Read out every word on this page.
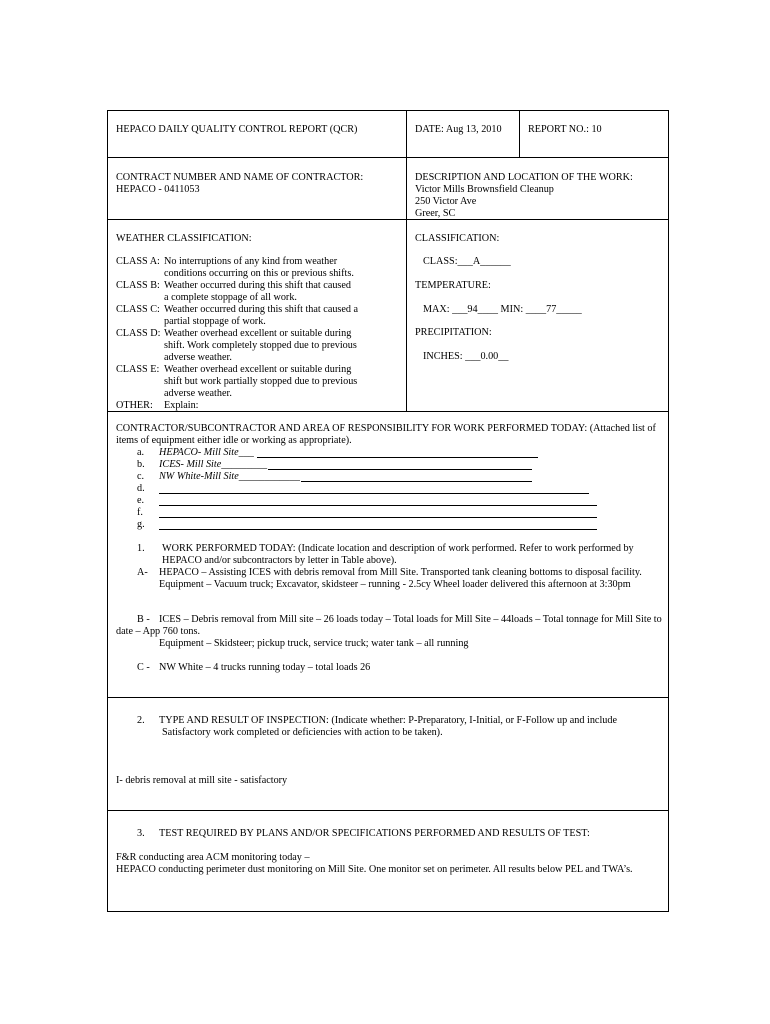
HEPACO DAILY QUALITY CONTROL REPORT (QCR)	DATE: Aug 13, 2010	REPORT NO.: 10
CONTRACT NUMBER AND NAME OF CONTRACTOR:
HEPACO - 0411053
DESCRIPTION AND LOCATION OF THE WORK:
Victor Mills Brownsfield Cleanup
250 Victor Ave
Greer, SC
WEATHER CLASSIFICATION:
CLASS A: No interruptions of any kind from weather
conditions occurring on this or previous shifts.
CLASS B: Weather occurred during this shift that caused
a complete stoppage of all work.
CLASS C: Weather occurred during this shift that caused a
partial stoppage of work.
CLASS D: Weather overhead excellent or suitable during
shift. Work completely stopped due to previous
adverse weather.
CLASS E: Weather overhead excellent or suitable during
shift but work partially stopped due to previous
adverse weather.
OTHER: Explain:
CLASSIFICATION:
CLASS:___A______
TEMPERATURE:
MAX: ___94____ MIN: ____77_____
PRECIPITATION:
INCHES: ___0.00__
CONTRACTOR/SUBCONTRACTOR AND AREA OF RESPONSIBILITY FOR WORK PERFORMED TODAY: (Attached list of
items of equipment either idle or working as appropriate).
a. HEPACO- Mill Site___
b. ICES- Mill Site_________
c. NW White-Mill Site____________
d.
e.
f.
g.
1. WORK PERFORMED TODAY: (Indicate location and description of work performed. Refer to work performed by
HEPACO and/or subcontractors by letter in Table above).
A- HEPACO – Assisting ICES with debris removal from Mill Site. Transported tank cleaning bottoms to disposal facility.
Equipment – Vacuum truck; Excavator, skidsteer – running - 2.5cy Wheel loader delivered this afternoon at 3:30pm
B - ICES – Debris removal from Mill site – 26 loads today – Total loads for Mill Site – 44loads – Total tonnage for Mill Site to
date – App 760 tons.
Equipment – Skidsteer; pickup truck, service truck; water tank – all running
C - NW White – 4 trucks running today – total loads 26
2. TYPE AND RESULT OF INSPECTION: (Indicate whether: P-Preparatory, I-Initial, or F-Follow up and include
Satisfactory work completed or deficiencies with action to be taken).
I- debris removal at mill site - satisfactory
3. TEST REQUIRED BY PLANS AND/OR SPECIFICATIONS PERFORMED AND RESULTS OF TEST:
F&R conducting area ACM monitoring today –
HEPACO conducting perimeter dust monitoring on Mill Site. One monitor set on perimeter. All results below PEL and TWA’s.
